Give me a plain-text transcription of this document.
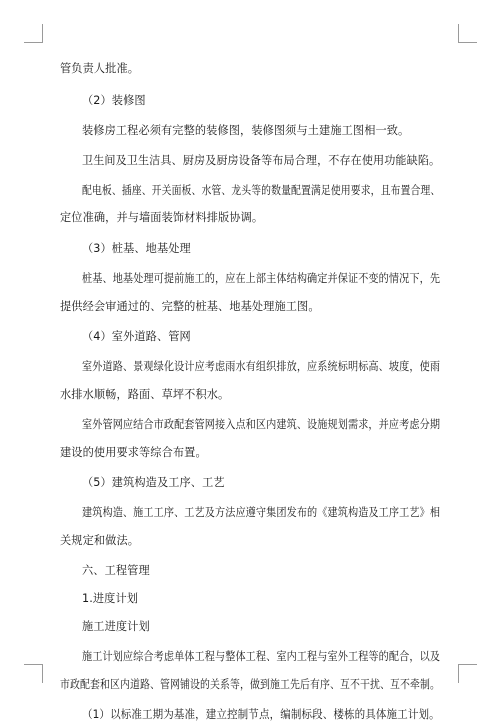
管负责人批准。
（2）装修图
装修房工程必须有完整的装修图，装修图须与土建施工图相一致。
卫生间及卫生洁具、厨房及厨房设备等布局合理，不存在使用功能缺陷。
配电板、插座、开关面板、水管、龙头等的数量配置满足使用要求，且布置合理、
定位准确，并与墙面装饰材料排版协调。
（3）桩基、地基处理
桩基、地基处理可提前施工的，应在上部主体结构确定并保证不变的情况下，先
提供经会审通过的、完整的桩基、地基处理施工图。
（4）室外道路、管网
室外道路、景观绿化设计应考虑雨水有组织排放，应系统标明标高、坡度，使雨
水排水顺畅，路面、草坪不积水。
室外管网应结合市政配套管网接入点和区内建筑、设施规划需求，并应考虑分期
建设的使用要求等综合布置。
（5）建筑构造及工序、工艺
建筑构造、施工工序、工艺及方法应遵守集团发布的《建筑构造及工序工艺》相
关规定和做法。
六、工程管理
1.进度计划
施工进度计划
施工计划应综合考虑单体工程与整体工程、室内工程与室外工程等的配合，以及
市政配套和区内道路、管网铺设的关系等，做到施工先后有序、互不干扰、互不牵制。
（1）以标准工期为基准，建立控制节点，编制标段、楼栋的具体施工计划。
